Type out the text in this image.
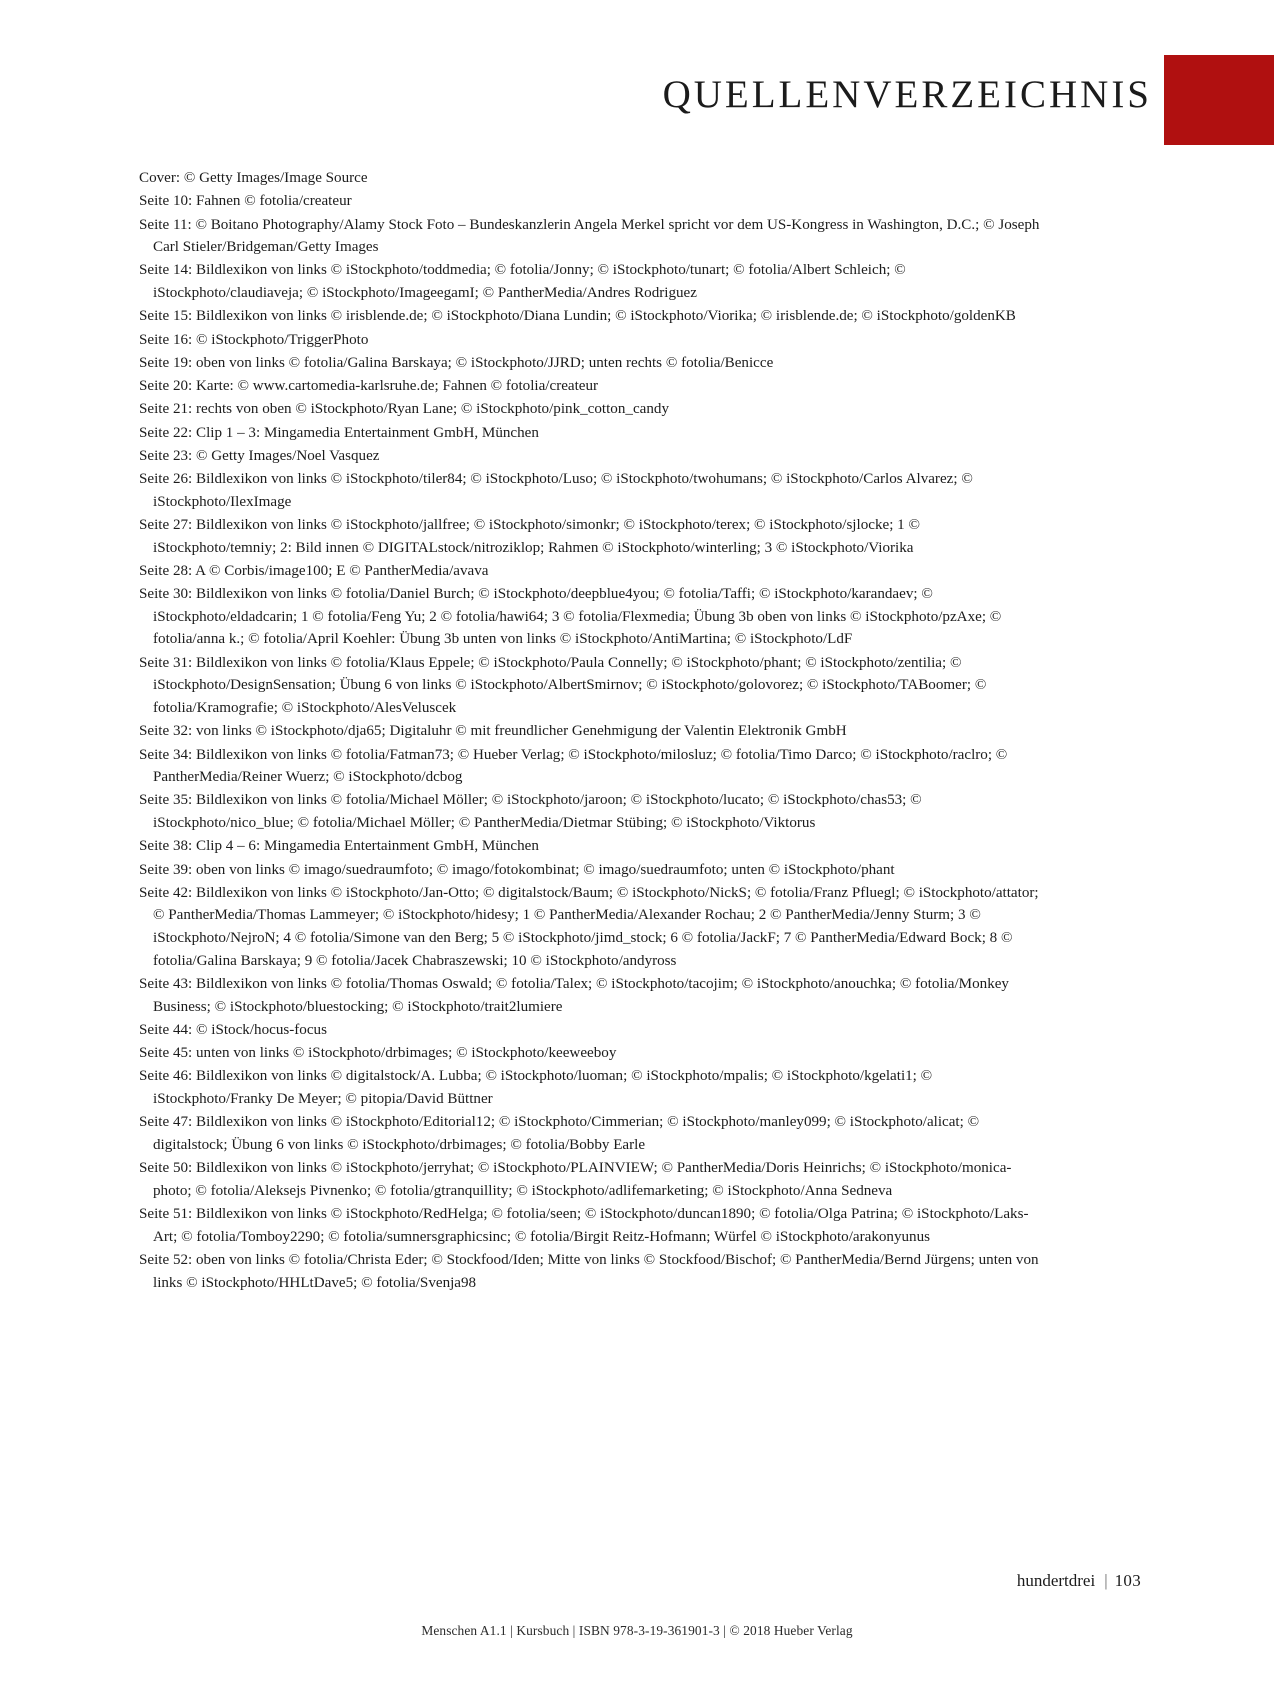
QUELLENVERZEICHNIS

Cover: © Getty Images/Image Source

Seite 10: Fahnen © fotolia/createur

Seite 11: © Boitano Photography/Alamy Stock Foto – Bundeskanzlerin Angela Merkel spricht vor dem US-Kongress in Washington, D.C.; © Joseph Carl Stieler/Bridgeman/Getty Images

Seite 14: Bildlexikon von links © iStockphoto/toddmedia; © fotolia/Jonny; © iStockphoto/tunart; © fotolia/Albert Schleich; © iStockphoto/claudiaveja; © iStockphoto/ImageegamI; © PantherMedia/Andres Rodriguez

Seite 15: Bildlexikon von links © irisblende.de; © iStockphoto/Diana Lundin; © iStockphoto/Viorika; © irisblende.de; © iStockphoto/goldenKB

Seite 16: © iStockphoto/TriggerPhoto

Seite 19: oben von links © fotolia/Galina Barskaya; © iStockphoto/JJRD; unten rechts © fotolia/Benicce

Seite 20: Karte: © www.cartomedia-karlsruhe.de; Fahnen © fotolia/createur

Seite 21: rechts von oben © iStockphoto/Ryan Lane; © iStockphoto/pink_cotton_candy

Seite 22: Clip 1 – 3: Mingamedia Entertainment GmbH, München

Seite 23: © Getty Images/Noel Vasquez

Seite 26: Bildlexikon von links © iStockphoto/tiler84; © iStockphoto/Luso; © iStockphoto/twohumans; © iStockphoto/Carlos Alvarez; © iStockphoto/IlexImage

Seite 27: Bildlexikon von links © iStockphoto/jallfree; © iStockphoto/simonkr; © iStockphoto/terex; © iStockphoto/sjlocke; 1 © iStockphoto/temniy; 2: Bild innen © DIGITALstock/nitroziklop; Rahmen © iStockphoto/winterling; 3 © iStockphoto/Viorika

Seite 28: A © Corbis/image100; E © PantherMedia/avava

Seite 30: Bildlexikon von links © fotolia/Daniel Burch; © iStockphoto/deepblue4you; © fotolia/Taffi; © iStockphoto/karandaev; © iStockphoto/eldadcarin; 1 © fotolia/Feng Yu; 2 © fotolia/hawi64; 3 © fotolia/Flexmedia; Übung 3b oben von links © iStockphoto/pzAxe; © fotolia/anna k.; © fotolia/April Koehler: Übung 3b unten von links © iStockphoto/AntiMartina; © iStockphoto/LdF

Seite 31: Bildlexikon von links © fotolia/Klaus Eppele; © iStockphoto/Paula Connelly; © iStockphoto/phant; © iStockphoto/zentilia; © iStockphoto/DesignSensation; Übung 6 von links © iStockphoto/AlbertSmirnov; © iStockphoto/golovorez; © iStockphoto/TABoomer; © fotolia/Kramografie; © iStockphoto/AlesVeluscek

Seite 32: von links © iStockphoto/dja65; Digitaluhr © mit freundlicher Genehmigung der Valentin Elektronik GmbH

Seite 34: Bildlexikon von links © fotolia/Fatman73; © Hueber Verlag; © iStockphoto/milosluz; © fotolia/Timo Darco; © iStockphoto/raclro; © PantherMedia/Reiner Wuerz; © iStockphoto/dcbog

Seite 35: Bildlexikon von links © fotolia/Michael Möller; © iStockphoto/jaroon; © iStockphoto/lucato; © iStockphoto/chas53; © iStockphoto/nico_blue; © fotolia/Michael Möller; © PantherMedia/Dietmar Stübing; © iStockphoto/Viktorus

Seite 38: Clip 4 – 6: Mingamedia Entertainment GmbH, München

Seite 39: oben von links © imago/suedraumfoto; © imago/fotokombinat; © imago/suedraumfoto; unten © iStockphoto/phant

Seite 42: Bildlexikon von links © iStockphoto/Jan-Otto; © digitalstock/Baum; © iStockphoto/NickS; © fotolia/Franz Pfluegl; © iStockphoto/attator; © PantherMedia/Thomas Lammeyer; © iStockphoto/hidesy; 1 © PantherMedia/Alexander Rochau; 2 © PantherMedia/Jenny Sturm; 3 © iStockphoto/NejroN; 4 © fotolia/Simone van den Berg; 5 © iStockphoto/jimd_stock; 6 © fotolia/JackF; 7 © PantherMedia/Edward Bock; 8 © fotolia/Galina Barskaya; 9 © fotolia/Jacek Chabraszewski; 10 © iStockphoto/andyross

Seite 43: Bildlexikon von links © fotolia/Thomas Oswald; © fotolia/Talex; © iStockphoto/tacojim; © iStockphoto/anouchka; © fotolia/Monkey Business; © iStockphoto/bluestocking; © iStockphoto/trait2lumiere

Seite 44: © iStock/hocus-focus

Seite 45: unten von links © iStockphoto/drbimages; © iStockphoto/keeweeboy

Seite 46: Bildlexikon von links © digitalstock/A. Lubba; © iStockphoto/luoman; © iStockphoto/mpalis; © iStockphoto/kgelati1; © iStockphoto/Franky De Meyer; © pitopia/David Büttner

Seite 47: Bildlexikon von links © iStockphoto/Editorial12; © iStockphoto/Cimmerian; © iStockphoto/manley099; © iStockphoto/alicat; © digitalstock; Übung 6 von links © iStockphoto/drbimages; © fotolia/Bobby Earle

Seite 50: Bildlexikon von links © iStockphoto/jerryhat; © iStockphoto/PLAINVIEW; © PantherMedia/Doris Heinrichs; © iStockphoto/monica-photo; © fotolia/Aleksejs Pivnenko; © fotolia/gtranquillity; © iStockphoto/adlifemarketing; © iStockphoto/Anna Sedneva

Seite 51: Bildlexikon von links © iStockphoto/RedHelga; © fotolia/seen; © iStockphoto/duncan1890; © fotolia/Olga Patrina; © iStockphoto/Laks-Art; © fotolia/Tomboy2290; © fotolia/sumnersgraphicsinc; © fotolia/Birgit Reitz-Hofmann; Würfel © iStockphoto/arakonyunus

Seite 52: oben von links © fotolia/Christa Eder; © Stockfood/Iden; Mitte von links © Stockfood/Bischof; © PantherMedia/Bernd Jürgens; unten von links © iStockphoto/HHLtDave5; © fotolia/Svenja98

hundertdrei | 103
Menschen A1.1 | Kursbuch | ISBN 978-3-19-361901-3 | © 2018 Hueber Verlag
